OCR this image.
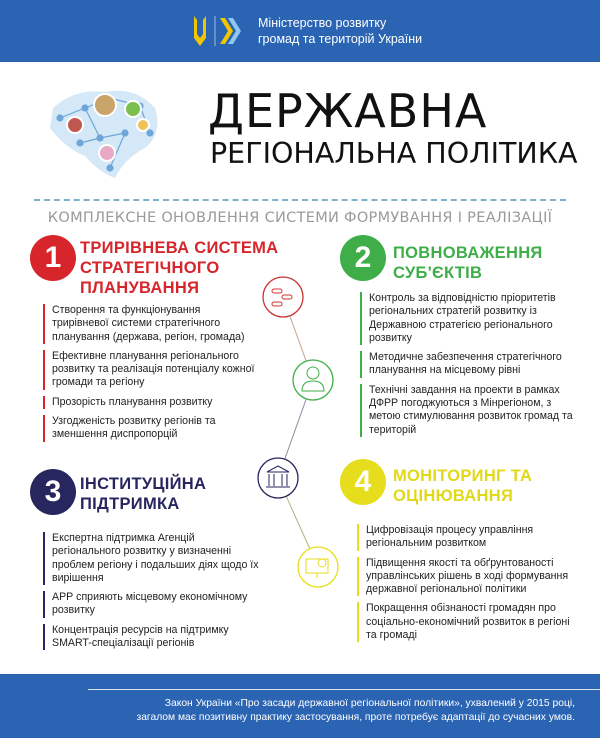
Міністерство розвитку
громад та територій України
ДЕРЖАВНА
РЕГІОНАЛЬНА ПОЛІТИКА
КОМПЛЕКСНЕ ОНОВЛЕННЯ СИСТЕМИ ФОРМУВАННЯ І РЕАЛІЗАЦІЇ
1	ТРИРІВНЕВА СИСТЕМА
СТРАТЕГІЧНОГО
ПЛАНУВАННЯ
Створення та функціонування трирівневої системи стратегічного планування (держава, регіон, громада)
Ефективне планування регіонального розвитку та реалізація потенціалу кожної громади та регіону
Прозорість планування розвитку
Узгодженість розвитку регіонів та зменшення диспропорцій
2	ПОВНОВАЖЕННЯ
СУБ'ЄКТІВ
Контроль за відповідністю пріоритетів регіональних стратегій розвитку із Державною стратегією регіонального розвитку
Методичне забезпечення стратегічного планування на місцевому рівні
Технічні завдання на проекти в рамках ДФРР погоджуються з Мінрегіоном, з метою стимулювання розвиток громад та територій
3	ІНСТИТУЦІЙНА
ПІДТРИМКА
Експертна підтримка Агенцій регіонального розвитку у визначенні проблем регіону і подальших діях щодо їх вирішення
АРР сприяють місцевому економічному розвитку
Концентрація ресурсів на підтримку SMART-спеціалізації регіонів
4	МОНІТОРИНГ ТА
ОЦІНЮВАННЯ
Цифровізація процесу управління регіональним розвитком
Підвищення якості та обґрунтованості управлінських рішень в ході формування державної регіональної політики
Покращення обізнаності громадян про соціально-економічний розвиток в регіоні та громаді
Закон України «Про засади державної регіональної політики», ухвалений у 2015 році,
загалом має позитивну практику застосування, проте потребує адаптації до сучасних умов.
